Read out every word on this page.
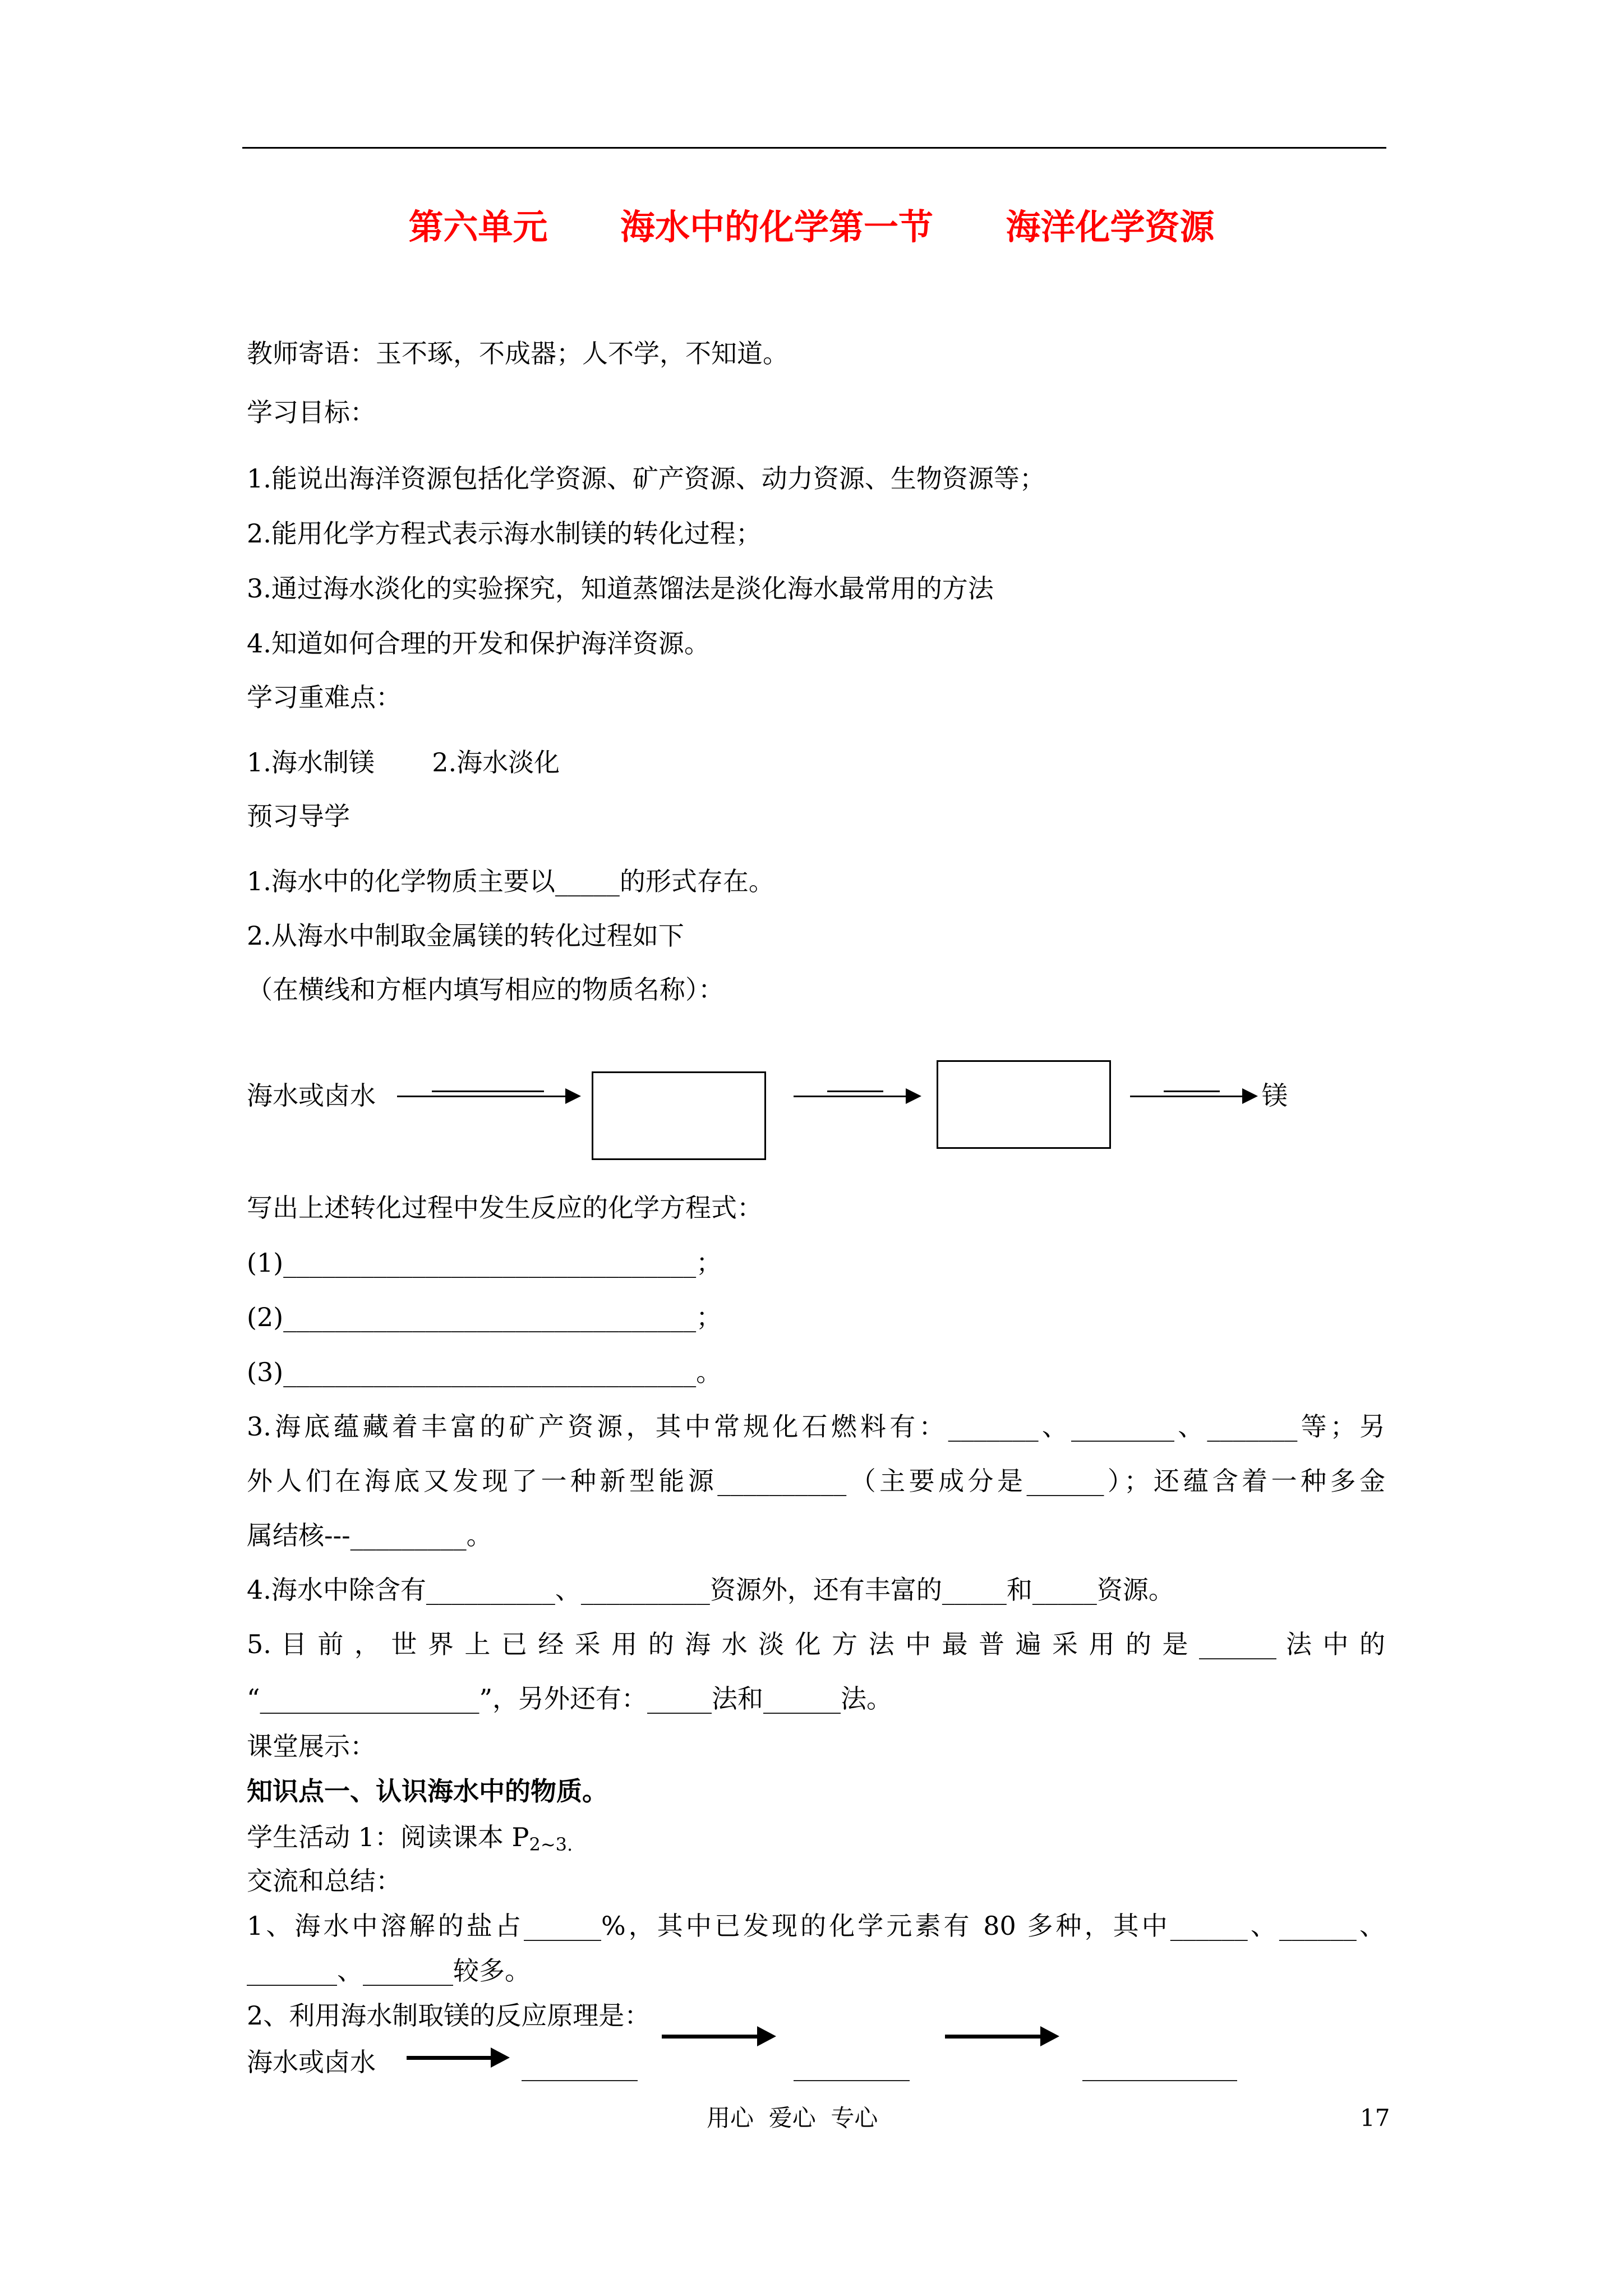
第六单元      海水中的化学第一节      海洋化学资源
教师寄语：玉不琢，不成器；人不学，不知道。
学习目标：
1.能说出海洋资源包括化学资源、矿产资源、动力资源、生物资源等；
2.能用化学方程式表示海水制镁的转化过程；
3.通过海水淡化的实验探究，知道蒸馏法是淡化海水最常用的方法
4.知道如何合理的开发和保护海洋资源。
学习重难点：
1.海水制镁       2.海水淡化
预习导学
1.海水中的化学物质主要以_____的形式存在。
2.从海水中制取金属镁的转化过程如下
（在横线和方框内填写相应的物质名称）：
海水或卤水	镁
写出上述转化过程中发生反应的化学方程式：
(1)________________________________；
(2)________________________________；
(3)________________________________。
3.海底蕴藏着丰富的矿产资源，其中常规化石燃料有：_______、________、_______等；另
外人们在海底又发现了一种新型能源__________（主要成分是______）；还蕴含着一种多金
属结核---_________。
4.海水中除含有__________、__________资源外，还有丰富的_____和_____资源。
5. 目 前 ， 世 界 上 已 经 采 用 的 海 水 淡 化 方 法 中 最 普 遍 采 用 的 是 ______ 法 中 的
“_________________”，另外还有：_____法和______法。
课堂展示：
知识点一、认识海水中的物质。
学生活动 1：阅读课本 $P_{2\sim 3.}$
交流和总结：
1、海水中溶解的盐占______%，其中已发现的化学元素有 80 多种，其中______、______、
_______、_______较多。
2、利用海水制取镁的反应原理是：
海水或卤水	_________	_________	____________
用心  爱心  专心	17
